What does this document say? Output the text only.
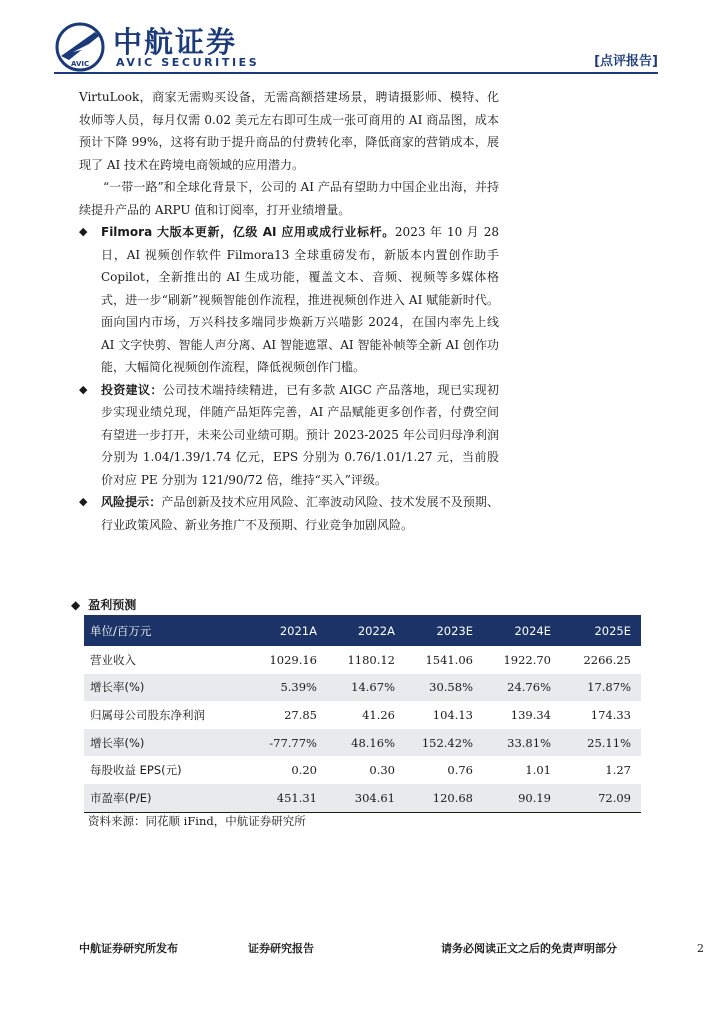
AVIC
中航证券
AVIC SECURITIES	[点评报告]

VirtuLook，商家无需购买设备，无需高额搭建场景，聘请摄影师、模特、化妆师等人员，每月仅需 0.02 美元左右即可生成一张可商用的 AI 商品图，成本预计下降 99%，这将有助于提升商品的付费转化率，降低商家的营销成本，展现了 AI 技术在跨境电商领域的应用潜力。

“一带一路”和全球化背景下，公司的 AI 产品有望助力中国企业出海，并持续提升产品的 ARPU 值和订阅率，打开业绩增量。

◆ Filmora 大版本更新，亿级 AI 应用或成行业标杆。2023 年 10 月 28 日，AI 视频创作软件 Filmora13 全球重磅发布，新版本内置创作助手 Copilot，全新推出的 AI 生成功能，覆盖文本、音频、视频等多媒体格式，进一步“刷新”视频智能创作流程，推进视频创作进入 AI 赋能新时代。面向国内市场，万兴科技多端同步焕新万兴喵影 2024，在国内率先上线 AI 文字快剪、智能人声分离、AI 智能遮罩、AI 智能补帧等全新 AI 创作功能，大幅简化视频创作流程，降低视频创作门槛。
◆ 投资建议：公司技术端持续精进，已有多款 AIGC 产品落地，现已实现初步实现业绩兑现，伴随产品矩阵完善，AI 产品赋能更多创作者，付费空间有望进一步打开，未来公司业绩可期。预计 2023-2025 年公司归母净利润分别为 1.04/1.39/1.74 亿元，EPS 分别为 0.76/1.01/1.27 元，当前股价对应 PE 分别为 121/90/72 倍，维持“买入”评级。
◆ 风险提示：产品创新及技术应用风险、汇率波动风险、技术发展不及预期、行业政策风险、新业务推广不及预期、行业竞争加剧风险。
◆ 盈利预测
单位/百万元	2021A	2022A	2023E	2024E	2025E
营业收入	1029.16	1180.12	1541.06	1922.70	2266.25
增长率(%)	5.39%	14.67%	30.58%	24.76%	17.87%
归属母公司股东净利润	27.85	41.26	104.13	139.34	174.33
增长率(%)	-77.77%	48.16%	152.42%	33.81%	25.11%
每股收益 EPS(元)	0.20	0.30	0.76	1.01	1.27
市盈率(P/E)	451.31	304.61	120.68	90.19	72.09
资料来源：同花顺 iFind，中航证券研究所
中航证券研究所发布	证券研究报告	请务必阅读正文之后的免责声明部分	2
